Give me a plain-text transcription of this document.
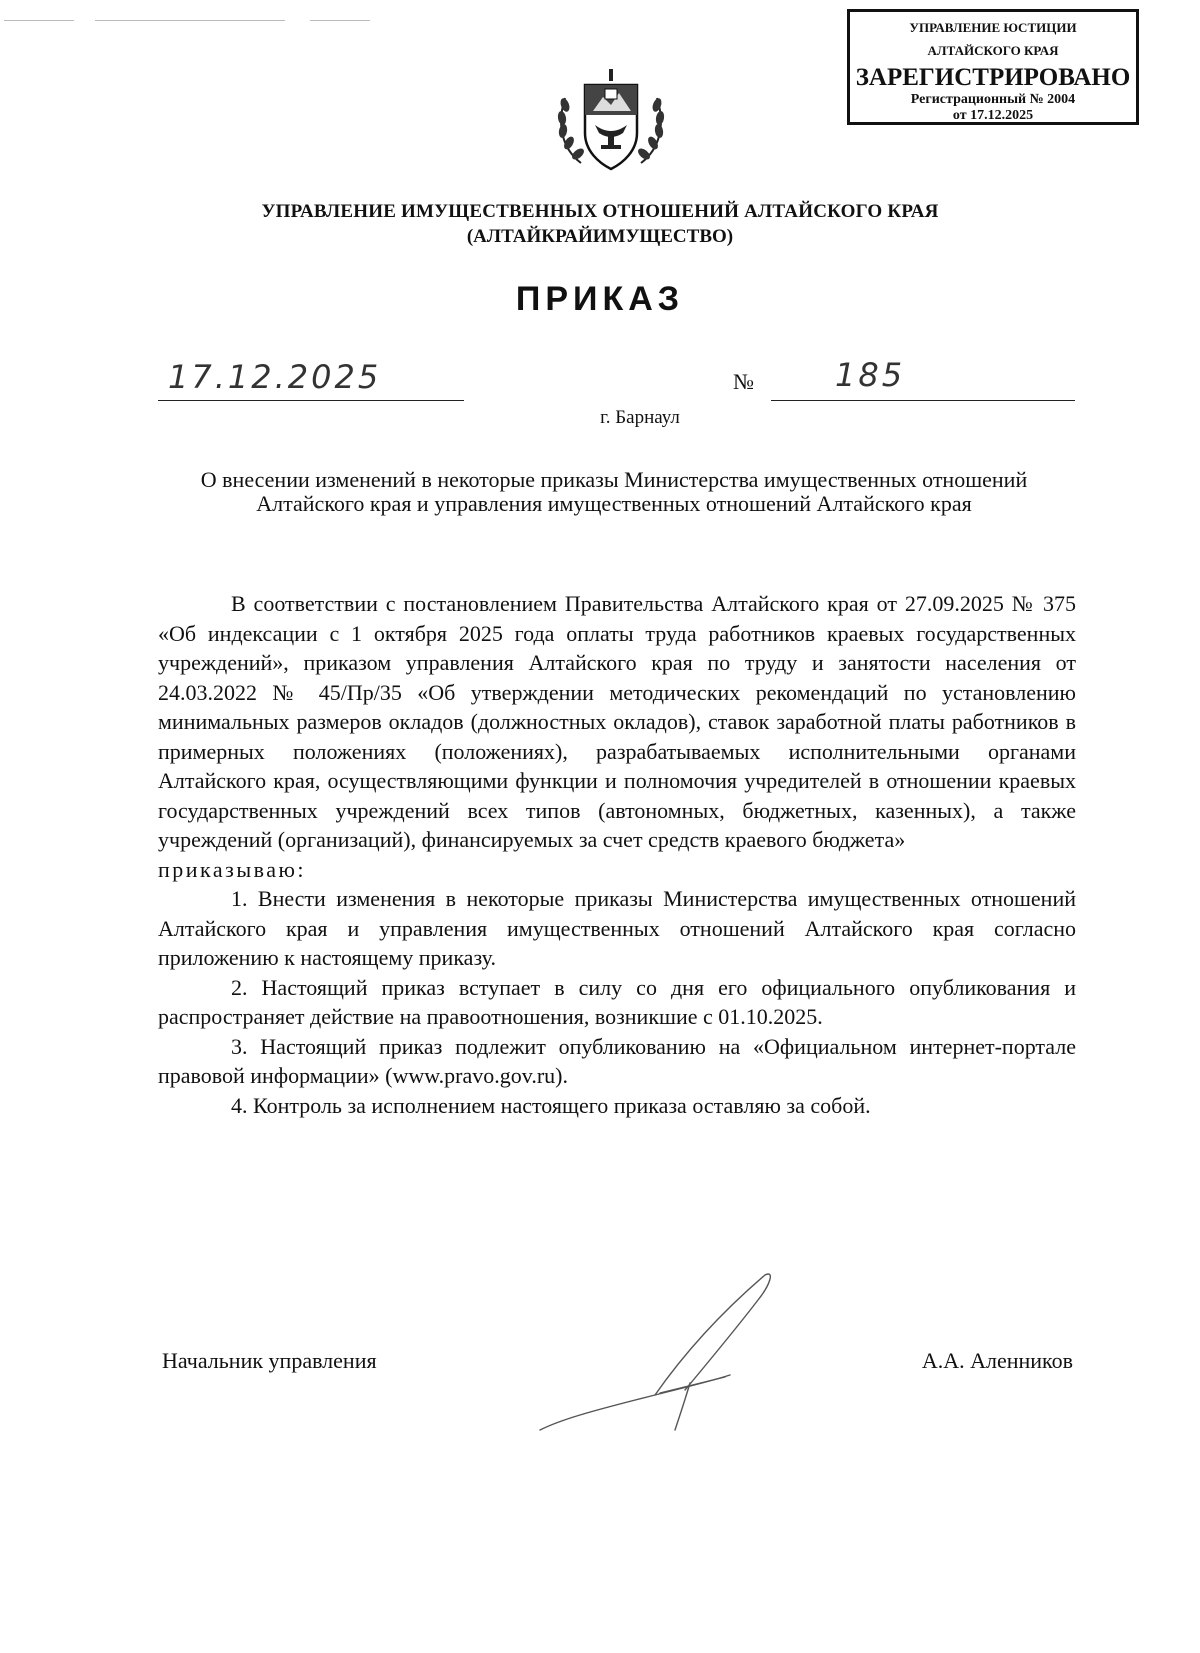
УПРАВЛЕНИЕ ЮСТИЦИИ
АЛТАЙСКОГО КРАЯ
ЗАРЕГИСТРИРОВАНО
Регистрационный № 2004
от 17.12.2025
УПРАВЛЕНИЕ ИМУЩЕСТВЕННЫХ ОТНОШЕНИЙ АЛТАЙСКОГО КРАЯ
(АЛТАЙКРАЙИМУЩЕСТВО)
ПРИКАЗ
17.12.2025	№	185
г. Барнаул
О внесении изменений в некоторые приказы Министерства имущественных отношений Алтайского края и управления имущественных отношений Алтайского края

В соответствии с постановлением Правительства Алтайского края от 27.09.2025 № 375 «Об индексации с 1 октября 2025 года оплаты труда работников краевых государственных учреждений», приказом управления Алтайского края по труду и занятости населения от 24.03.2022 № 45/Пр/35 «Об утверждении методических рекомендаций по установлению минимальных размеров окладов (должностных окладов), ставок заработной платы работников в примерных положениях (положениях), разрабатываемых исполнительными органами Алтайского края, осуществляющими функции и полномочия учредителей в отношении краевых государственных учреждений всех типов (автономных, бюджетных, казенных), а также учреждений (организаций), финансируемых за счет средств краевого бюджета»

приказываю:

1. Внести изменения в некоторые приказы Министерства имущественных отношений Алтайского края и управления имущественных отношений Алтайского края согласно приложению к настоящему приказу.

2. Настоящий приказ вступает в силу со дня его официального опубликования и распространяет действие на правоотношения, возникшие с 01.10.2025.

3. Настоящий приказ подлежит опубликованию на «Официальном интернет-портале правовой информации» (www.pravo.gov.ru).

4. Контроль за исполнением настоящего приказа оставляю за собой.

Начальник управления	А.А. Аленников
